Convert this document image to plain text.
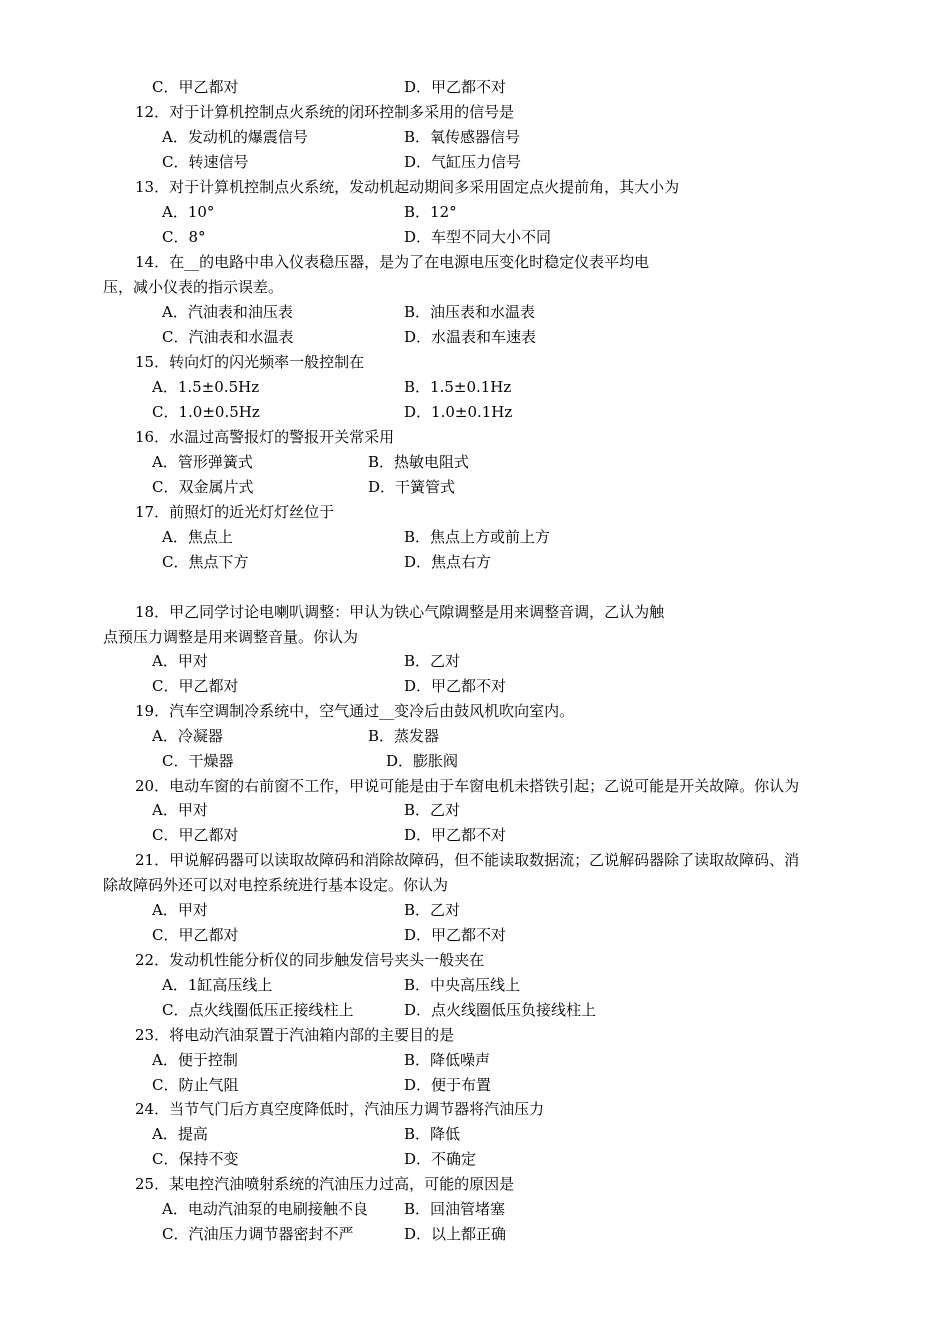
C．甲乙都对	D．甲乙都不对
12．对于计算机控制点火系统的闭环控制多采用的信号是
A．发动机的爆震信号	B．氧传感器信号
C．转速信号	D．气缸压力信号
13．对于计算机控制点火系统，发动机起动期间多采用固定点火提前角，其大小为
A．10°	B．12°
C．8°	D．车型不同大小不同
14．在__的电路中串入仪表稳压器，是为了在电源电压变化时稳定仪表平均电
压，减小仪表的指示误差。
A．汽油表和油压表	B．油压表和水温表
C．汽油表和水温表	D．水温表和车速表
15．转向灯的闪光频率一般控制在
A．1.5±0.5Hz	B．1.5±0.1Hz
C．1.0±0.5Hz	D．1.0±0.1Hz
16．水温过高警报灯的警报开关常采用
A．管形弹簧式	B．热敏电阻式
C．双金属片式	D．干簧管式
17．前照灯的近光灯灯丝位于
A．焦点上	B．焦点上方或前上方
C．焦点下方	D．焦点右方
18．甲乙同学讨论电喇叭调整：甲认为铁心气隙调整是用来调整音调，乙认为触
点预压力调整是用来调整音量。你认为
A．甲对	B．乙对
C．甲乙都对	D．甲乙都不对
19．汽车空调制冷系统中，空气通过__变冷后由鼓风机吹向室内。
A．冷凝器	B．蒸发器
C．干燥器	D．膨胀阀
20．电动车窗的右前窗不工作，甲说可能是由于车窗电机未搭铁引起；乙说可能是开关故障。你认为
A．甲对	B．乙对
C．甲乙都对	D．甲乙都不对
21．甲说解码器可以读取故障码和消除故障码，但不能读取数据流；乙说解码器除了读取故障码、消
除故障码外还可以对电控系统进行基本设定。你认为
A．甲对	B．乙对
C．甲乙都对	D．甲乙都不对
22．发动机性能分析仪的同步触发信号夹头一般夹在
A．1缸高压线上	B．中央高压线上
C．点火线圈低压正接线柱上	D．点火线圈低压负接线柱上
23．将电动汽油泵置于汽油箱内部的主要目的是
A．便于控制	B．降低噪声
C．防止气阻	D．便于布置
24．当节气门后方真空度降低时，汽油压力调节器将汽油压力
A．提高	B．降低
C．保持不变	D．不确定
25．某电控汽油喷射系统的汽油压力过高，可能的原因是
A．电动汽油泵的电刷接触不良 B．回油管堵塞
C．汽油压力调节器密封不严	D．以上都正确
